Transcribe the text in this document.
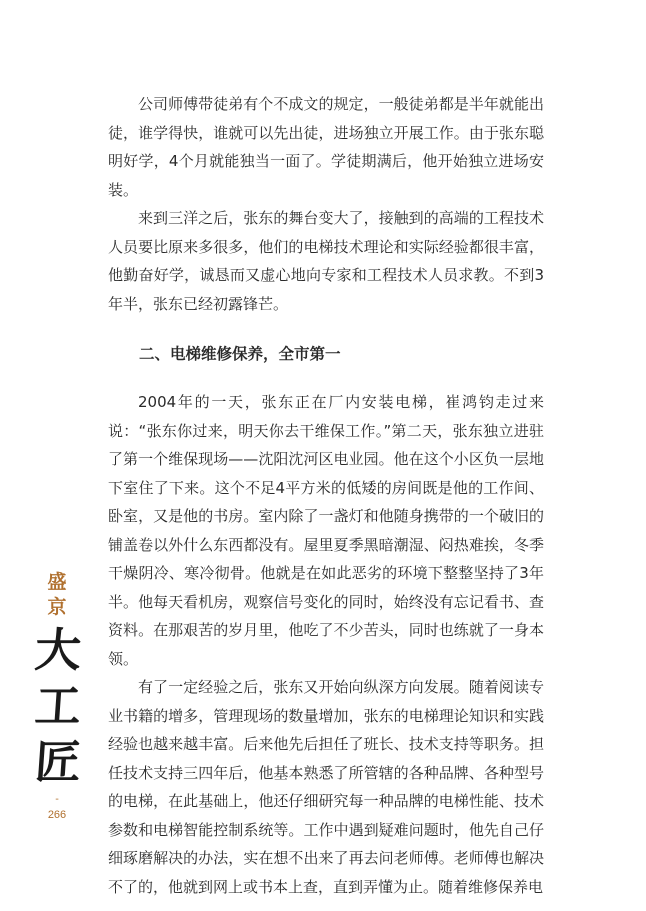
公司师傅带徒弟有个不成文的规定，一般徒弟都是半年就能出徒，谁学得快，谁就可以先出徒，进场独立开展工作。由于张东聪明好学，4个月就能独当一面了。学徒期满后，他开始独立进场安装。

来到三洋之后，张东的舞台变大了，接触到的高端的工程技术人员要比原来多很多，他们的电梯技术理论和实际经验都很丰富，他勤奋好学，诚恳而又虚心地向专家和工程技术人员求教。不到3年半，张东已经初露锋芒。

二、电梯维修保养，全市第一

2004年的一天，张东正在厂内安装电梯，崔鸿钧走过来说：“张东你过来，明天你去干维保工作。”第二天，张东独立进驻了第一个维保现场——沈阳沈河区电业园。他在这个小区负一层地下室住了下来。这个不足4平方米的低矮的房间既是他的工作间、卧室，又是他的书房。室内除了一盏灯和他随身携带的一个破旧的铺盖卷以外什么东西都没有。屋里夏季黑暗潮湿、闷热难挨，冬季干燥阴冷、寒冷彻骨。他就是在如此恶劣的环境下整整坚持了3年半。他每天看机房，观察信号变化的同时，始终没有忘记看书、查资料。在那艰苦的岁月里，他吃了不少苦头，同时也练就了一身本领。

有了一定经验之后，张东又开始向纵深方向发展。随着阅读专业书籍的增多，管理现场的数量增加，张东的电梯理论知识和实践经验也越来越丰富。后来他先后担任了班长、技术支持等职务。担任技术支持三四年后，他基本熟悉了所管辖的各种品牌、各种型号的电梯，在此基础上，他还仔细研究每一种品牌的电梯性能、技术参数和电梯智能控制系统等。工作中遇到疑难问题时，他先自己仔细琢磨解决的办法，实在想不出来了再去问老师傅。老师傅也解决不了的，他就到网上或书本上查，直到弄懂为止。随着维修保养电

盛
京
大
工
匠
-
266
